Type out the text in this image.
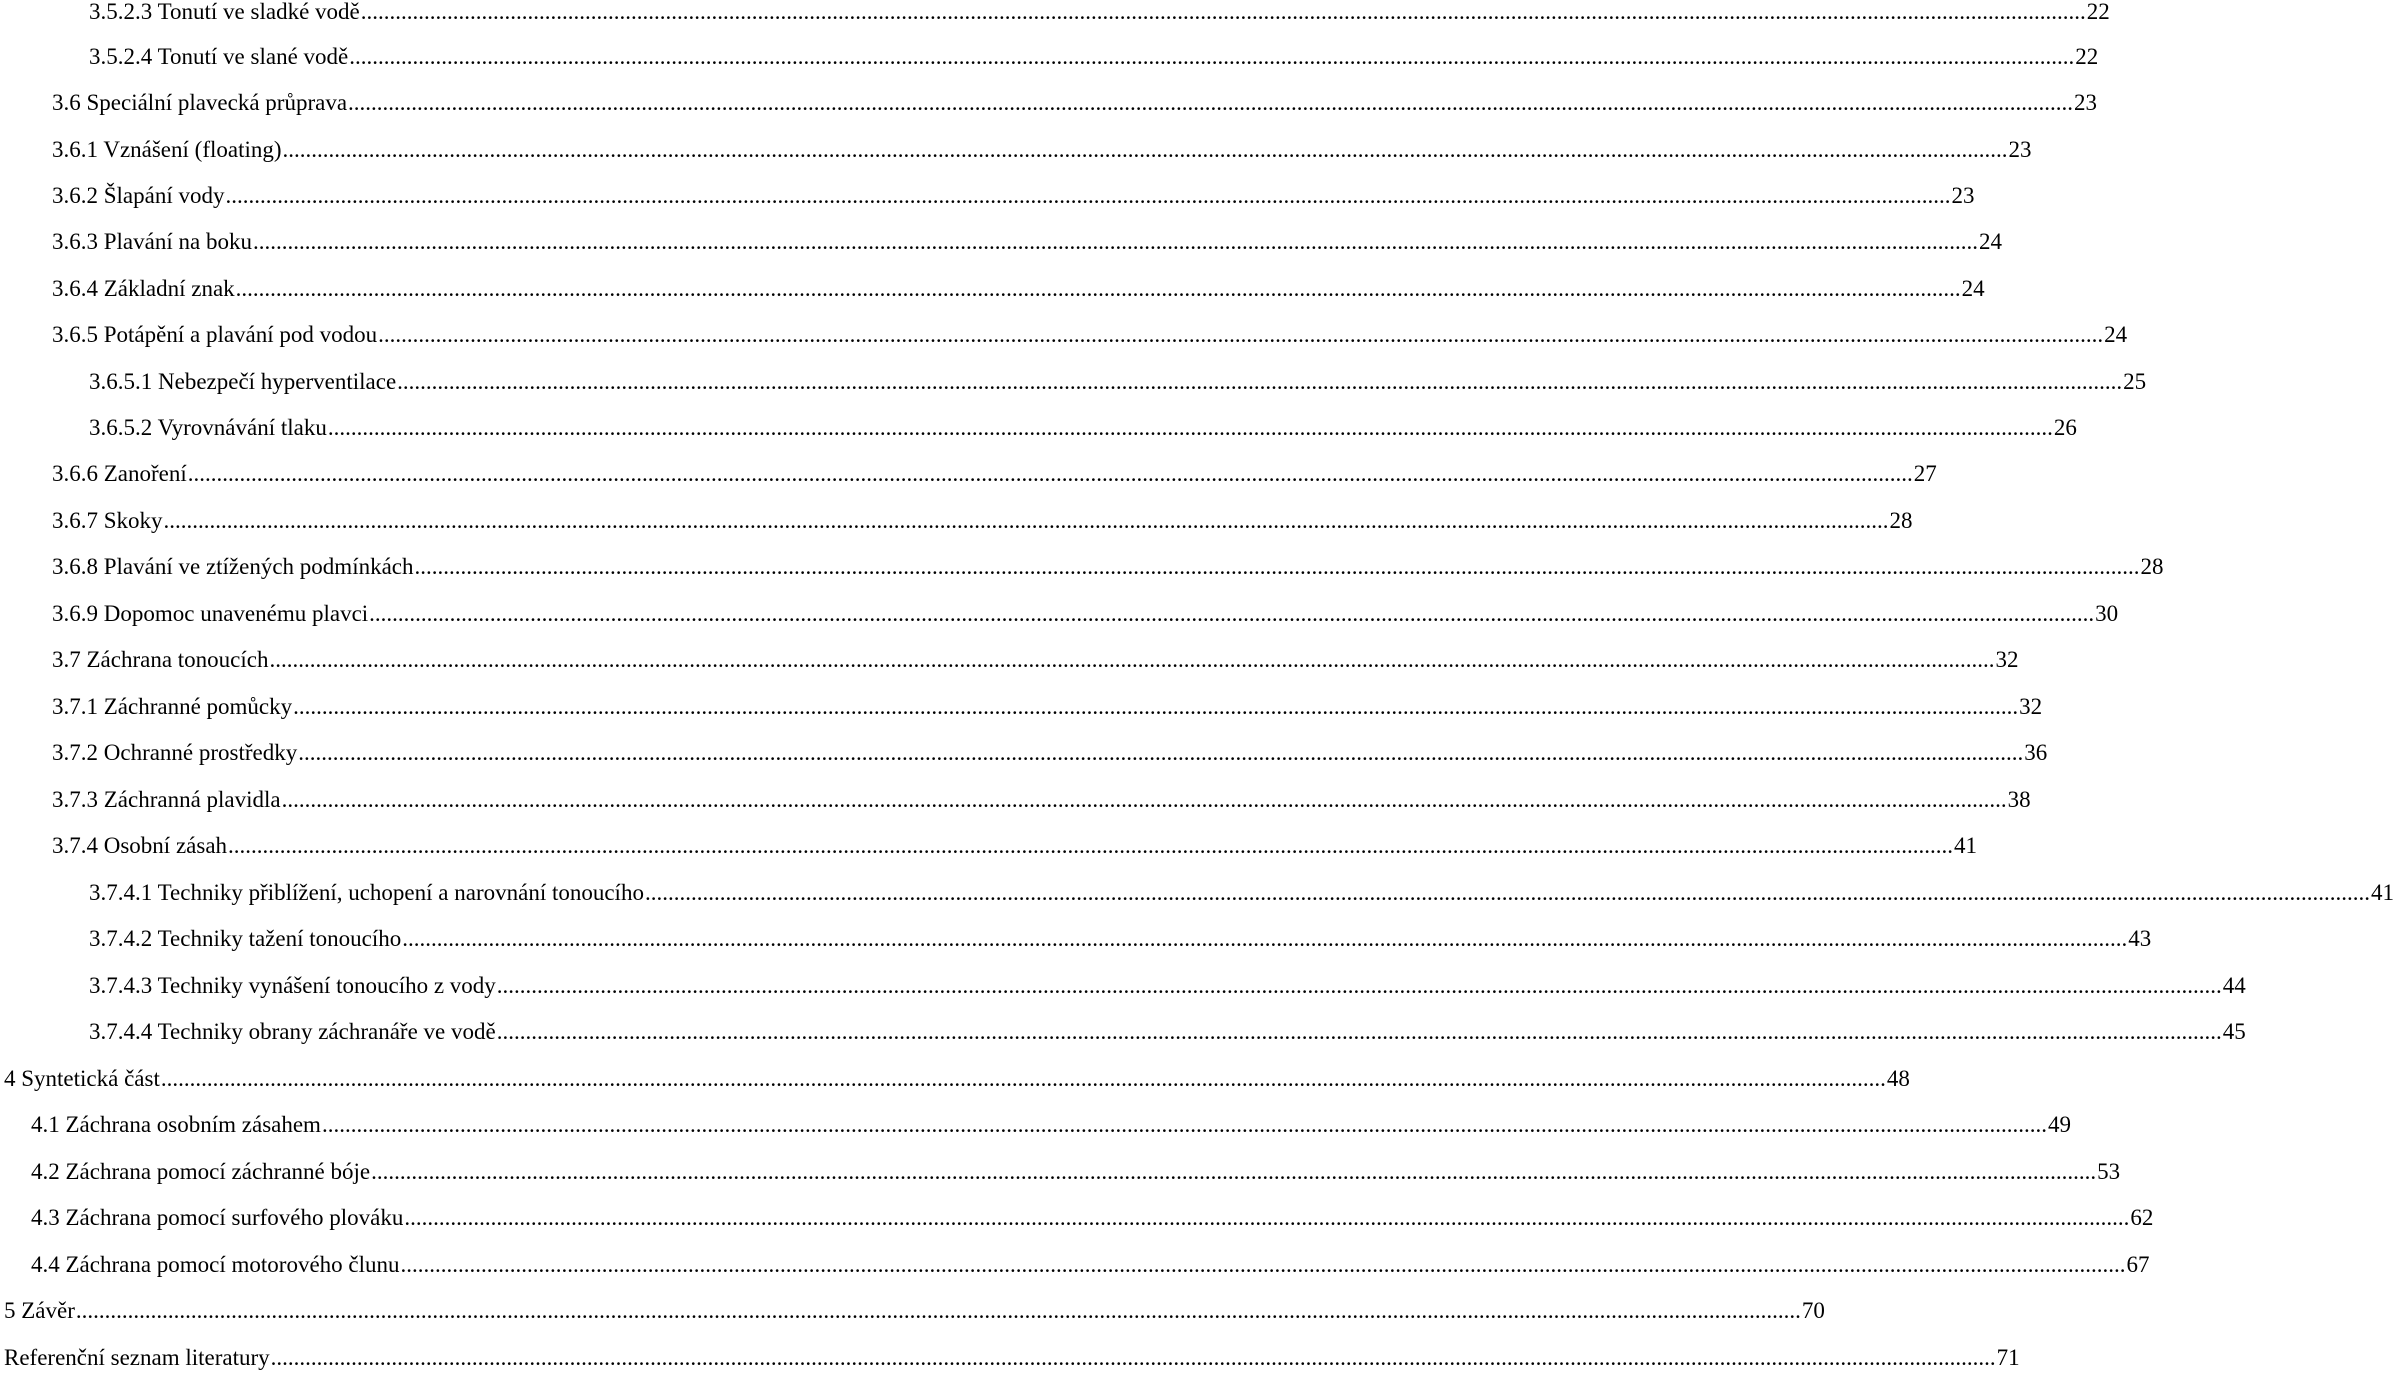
3.5.2.3 Tonutí ve sladké vodě ............................................................................................................................................................................................................................................................................................................ 22
3.5.2.4 Tonutí ve slané vodě ............................................................................................................................................................................................................................................................................................................ 22
3.6 Speciální plavecká průprava ............................................................................................................................................................................................................................................................................................................ 23
3.6.1 Vznášení (floating) ............................................................................................................................................................................................................................................................................................................ 23
3.6.2 Šlapání vody ............................................................................................................................................................................................................................................................................................................ 23
3.6.3 Plavání na boku ............................................................................................................................................................................................................................................................................................................ 24
3.6.4 Základní znak ............................................................................................................................................................................................................................................................................................................ 24
3.6.5 Potápění a plavání pod vodou ............................................................................................................................................................................................................................................................................................................ 24
3.6.5.1 Nebezpečí hyperventilace ............................................................................................................................................................................................................................................................................................................ 25
3.6.5.2 Vyrovnávání tlaku ............................................................................................................................................................................................................................................................................................................ 26
3.6.6 Zanoření ............................................................................................................................................................................................................................................................................................................ 27
3.6.7 Skoky ............................................................................................................................................................................................................................................................................................................ 28
3.6.8 Plavání ve ztížených podmínkách ............................................................................................................................................................................................................................................................................................................ 28
3.6.9 Dopomoc unavenému plavci ............................................................................................................................................................................................................................................................................................................ 30
3.7 Záchrana tonoucích ............................................................................................................................................................................................................................................................................................................ 32
3.7.1 Záchranné pomůcky ............................................................................................................................................................................................................................................................................................................ 32
3.7.2 Ochranné prostředky ............................................................................................................................................................................................................................................................................................................ 36
3.7.3 Záchranná plavidla ............................................................................................................................................................................................................................................................................................................ 38
3.7.4 Osobní zásah ............................................................................................................................................................................................................................................................................................................ 41
3.7.4.1 Techniky přiblížení, uchopení a narovnání tonoucího ............................................................................................................................................................................................................................................................................................................ 41
3.7.4.2 Techniky tažení tonoucího ............................................................................................................................................................................................................................................................................................................ 43
3.7.4.3 Techniky vynášení tonoucího z vody ............................................................................................................................................................................................................................................................................................................ 44
3.7.4.4 Techniky obrany záchranáře ve vodě ............................................................................................................................................................................................................................................................................................................ 45
4 Syntetická část ............................................................................................................................................................................................................................................................................................................ 48
4.1 Záchrana osobním zásahem ............................................................................................................................................................................................................................................................................................................ 49
4.2 Záchrana pomocí záchranné bóje ............................................................................................................................................................................................................................................................................................................ 53
4.3 Záchrana pomocí surfového plováku ............................................................................................................................................................................................................................................................................................................ 62
4.4 Záchrana pomocí motorového člunu ............................................................................................................................................................................................................................................................................................................ 67
5 Závěr ............................................................................................................................................................................................................................................................................................................ 70
Referenční seznam literatury ............................................................................................................................................................................................................................................................................................................ 71
